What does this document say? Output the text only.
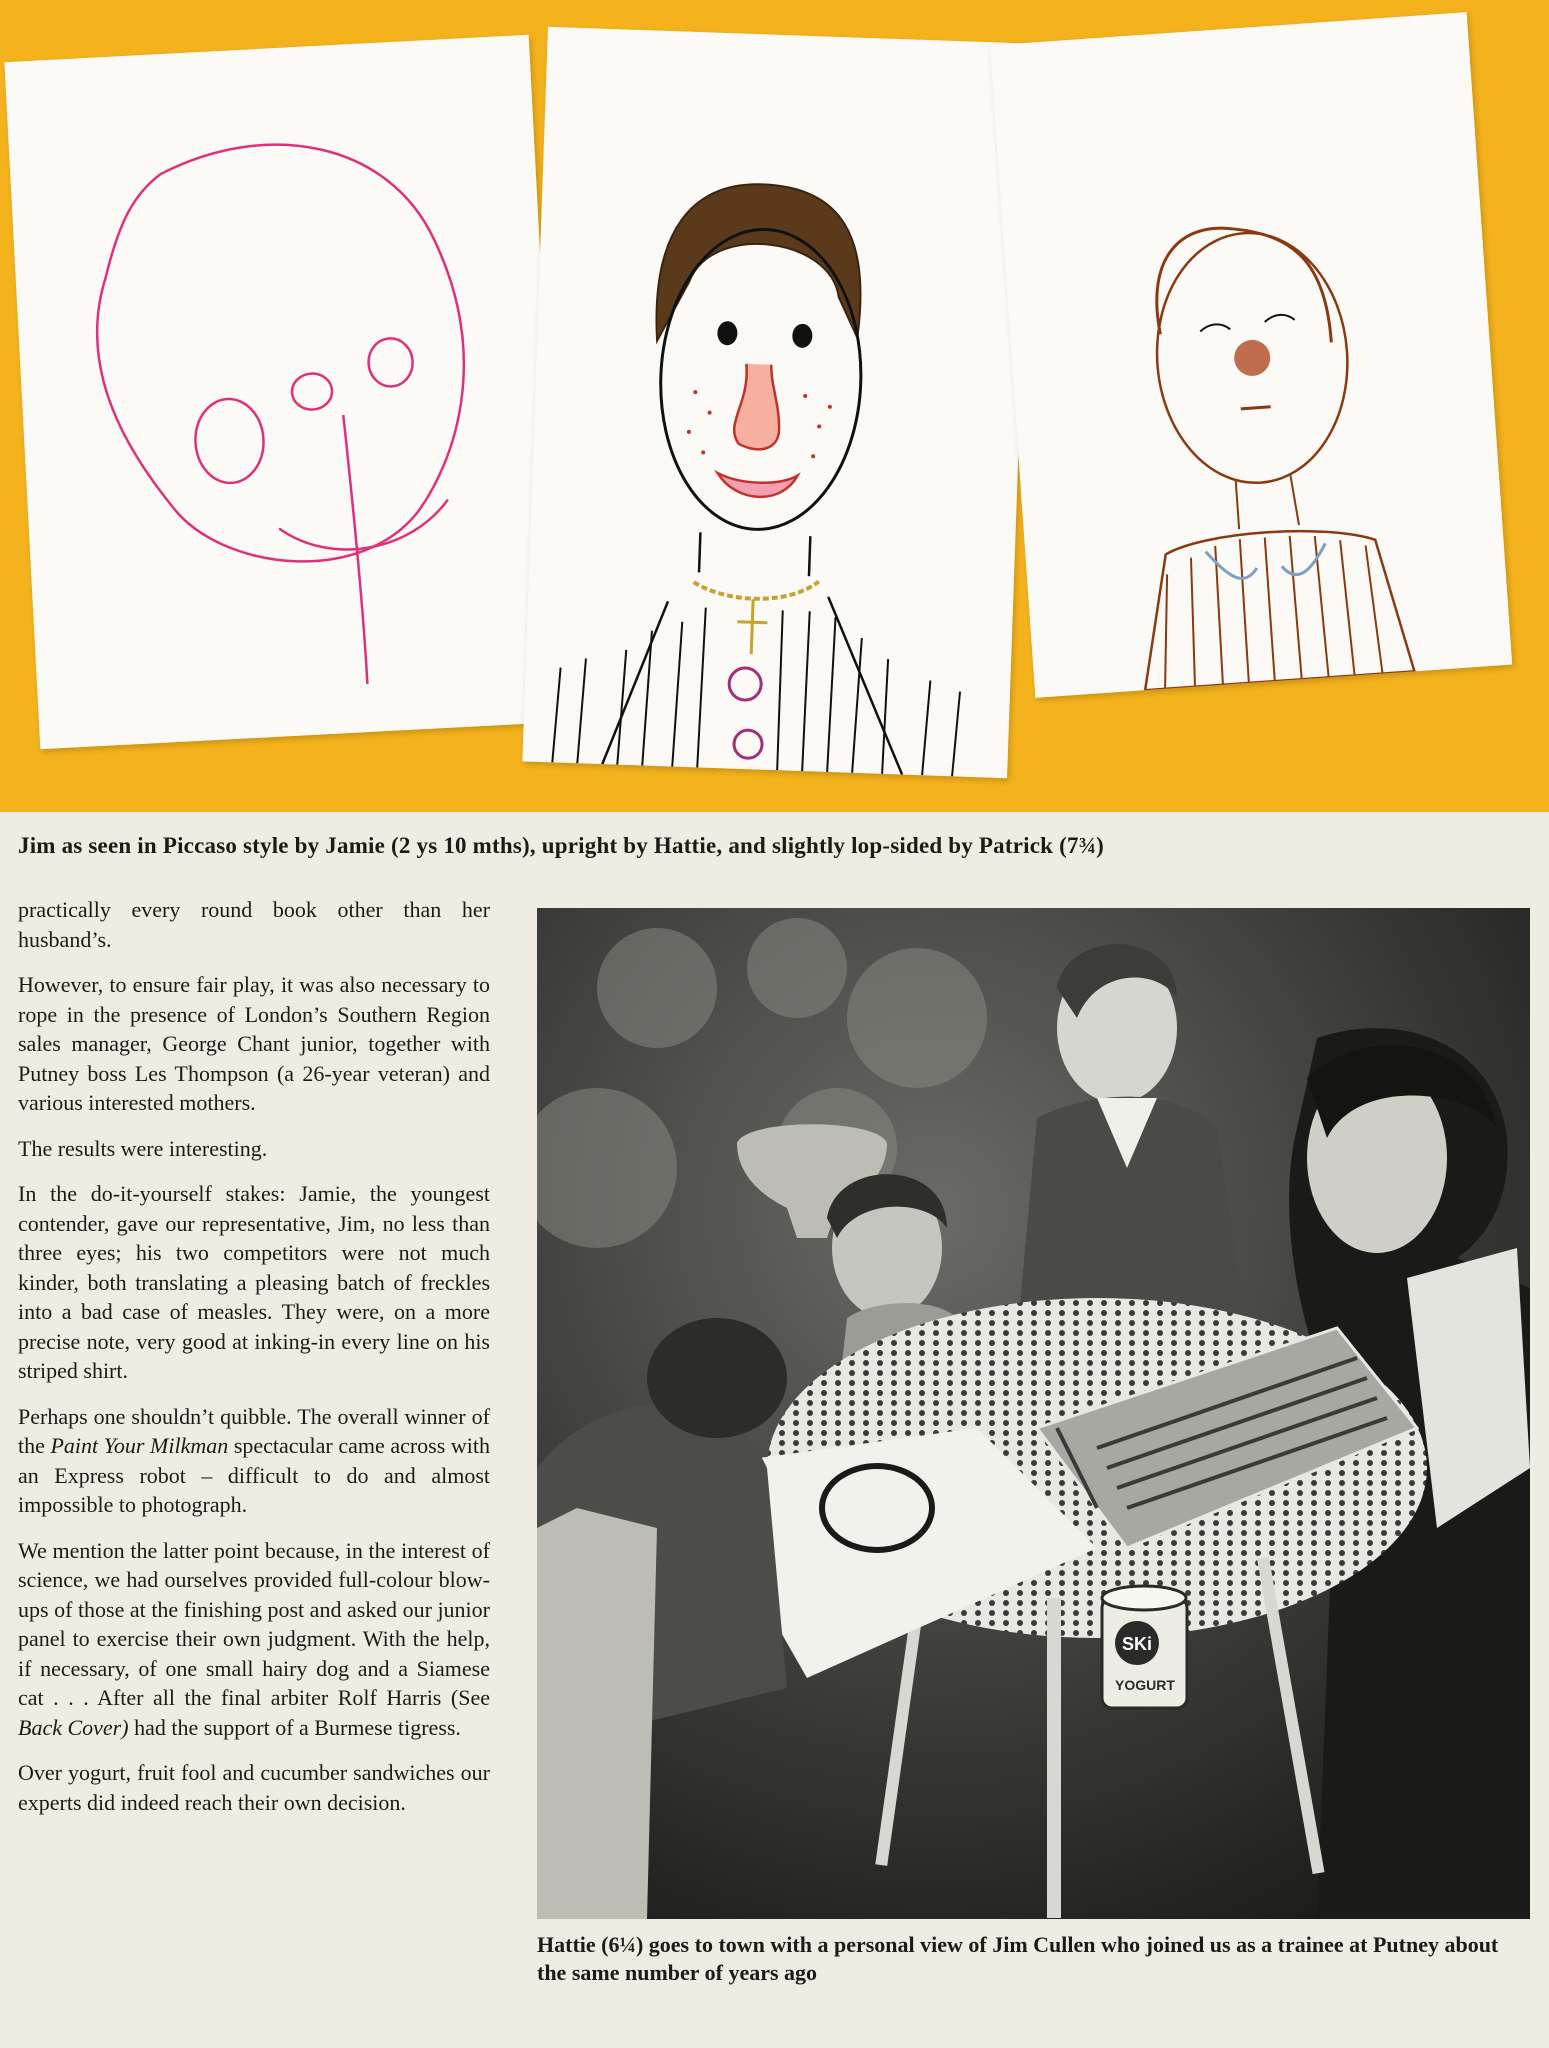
Jim as seen in Piccaso style by Jamie (2 ys 10 mths), upright by Hattie, and slightly lop-sided by Patrick (7¾)

practically every round book other than her husband’s.

However, to ensure fair play, it was also necessary to rope in the presence of London’s Southern Region sales manager, George Chant junior, together with Putney boss Les Thompson (a 26-year veteran) and various interested mothers.

The results were interesting.

In the do-it-yourself stakes: Jamie, the youngest contender, gave our representative, Jim, no less than three eyes; his two competitors were not much kinder, both translating a pleasing batch of freckles into a bad case of measles. They were, on a more precise note, very good at inking-in every line on his striped shirt.

Perhaps one shouldn’t quibble. The overall winner of the Paint Your Milkman spectacular came across with an Express robot – difficult to do and almost impossible to photograph.

We mention the latter point because, in the interest of science, we had ourselves provided full-colour blow-ups of those at the finishing post and asked our junior panel to exercise their own judgment. With the help, if necessary, of one small hairy dog and a Siamese cat . . . After all the final arbiter Rolf Harris (See Back Cover) had the support of a Burmese tigress.

Over yogurt, fruit fool and cucumber sandwiches our experts did indeed reach their own decision.

SKi
YOGURT

Hattie (6¼) goes to town with a personal view of Jim Cullen who joined us as a trainee at Putney about the same number of years ago
